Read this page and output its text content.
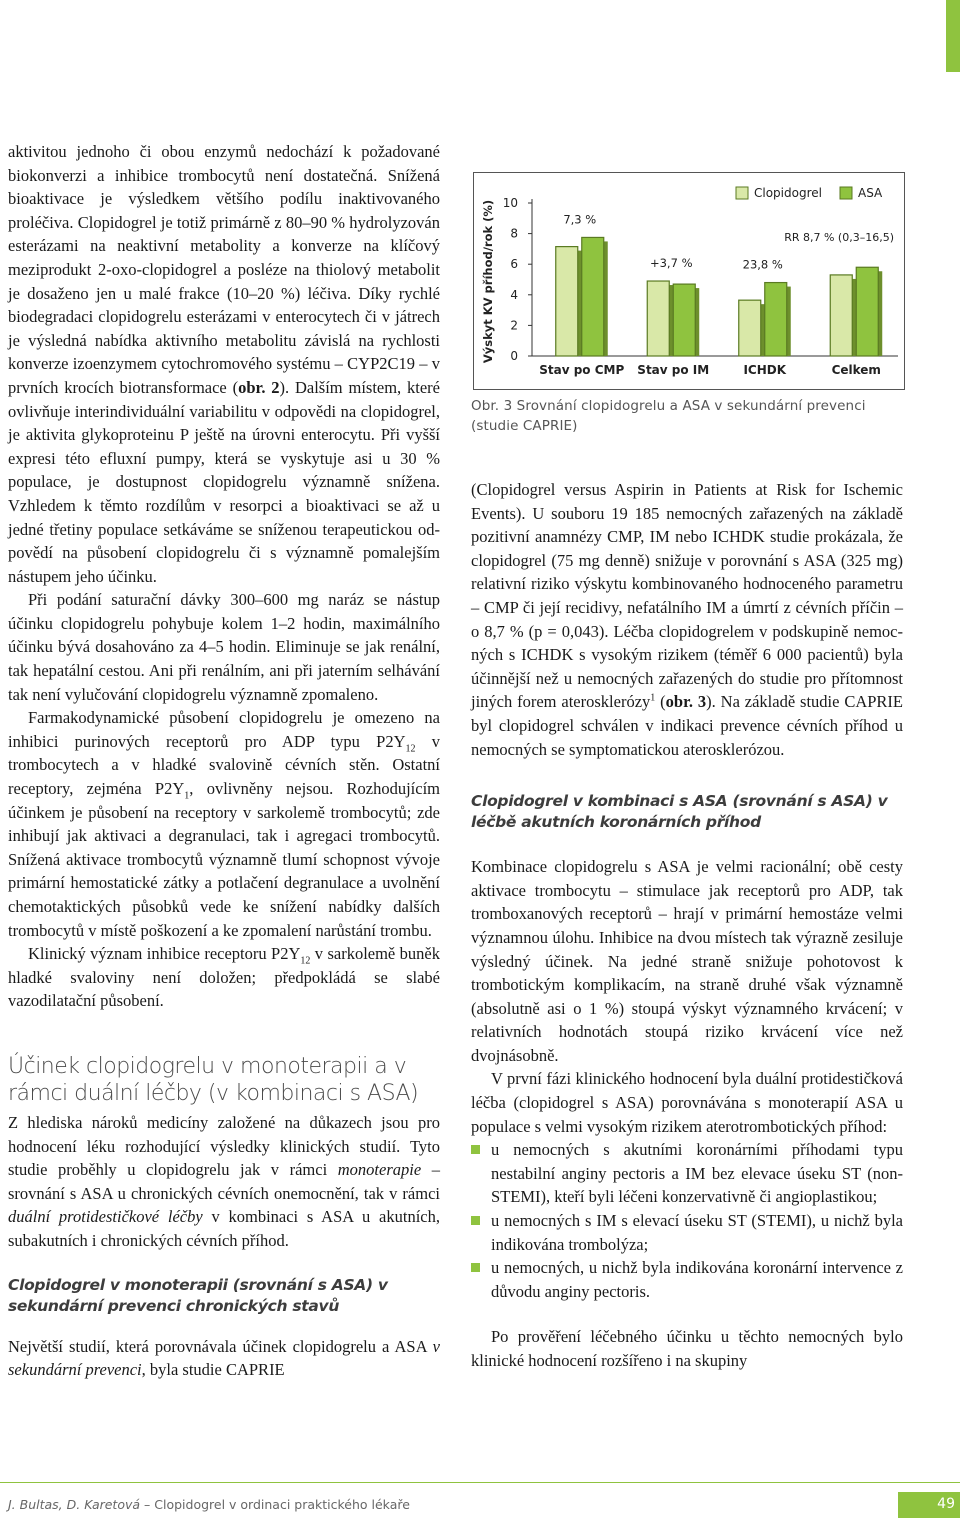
aktivitou jednoho či obou enzymů nedochází k požadované biokonverzi a inhibice trombocytů není dostatečná. Snížená bioaktivace je výsledkem většího podílu inaktivovaného proléčiva. Clopidogrel je totiž primárně z 80–90 % hydrolyzován esterázami na neaktivní metabolity a konverze na klíčový meziprodukt 2-oxo-clopidogrel a posléze na thiolový metabolit je dosaženo jen u malé frakce (10–20 %) léčiva. Díky rychlé biodegradaci clopidogrelu esterázami v enterocytech či v játrech je výsledná nabídka aktivního metabolitu závislá na rychlosti konverze izoenzymem cytochromového systému – CYP2C19 – v prvních krocích biotransformace (obr. 2). Dalším místem, které ovlivňuje interindividuální variabilitu v odpovědi na clopidogrel, je aktivita glykoproteinu P ještě na úrovni enterocytu. Při vyšší expresi této efluxní pumpy, která se vyskytuje asi u 30 % populace, je dostupnost clopidogrelu významně snížena. Vzhledem k těmto rozdílům v resorpci a bioaktivaci se až u jedné třetiny populace setkáváme se sníženou terapeutickou odpovědí na působení clopidogrelu či s významně pomalejším nástupem jeho účinku.

Při podání saturační dávky 300–600 mg naráz se nástup účinku clopidogrelu pohybuje kolem 1–2 hodin, maximálního účinku bývá dosahováno za 4–5 hodin. Eliminuje se jak renální, tak hepatální cestou. Ani při renálním, ani při jaterním selhávání tak není vylučování clopidogrelu významně zpomaleno.

Farmakodynamické působení clopidogrelu je omezeno na inhibici purinových receptorů pro ADP typu $P2Y_{12}$ v trombocytech a v hladké svalovině cévních stěn. Ostatní receptory, zejména $P2Y_1$, ovlivněny nejsou. Rozhodujícím účinkem je působení na receptory v sarkolemě trombocytů; zde inhibují jak aktivaci a degranulaci, tak i agregaci trombocytů. Snížená aktivace trombocytů významně tlumí schopnost vývoje primární hemostatické zátky a potlačení degranulace a uvolnění chemotaktických působků vede ke snížení nabídky dalších trombocytů v místě poškození a ke zpomalení narůstání trombu.

Klinický význam inhibice receptoru $P2Y_{12}$ v sarkolemě buněk hladké svaloviny není doložen; předpokládá se slabé vazodilatační působení.

Účinek clopidogrelu v monoterapii a v rámci duální léčby (v kombinaci s ASA)

Z hlediska nároků medicíny založené na důkazech jsou pro hodnocení léku rozhodující výsledky klinických studií. Tyto studie proběhly u clopidogrelu jak v rámci monoterapie – srovnání s ASA u chronických cévních onemocnění, tak v rámci duální protidestičkové léčby v kombinaci s ASA u akutních, subakutních i chronických cévních příhod.

Clopidogrel v monoterapii (srovnání s ASA) v sekundární prevenci chronických stavů

Největší studií, která porovnávala účinek clopidogrelu a ASA v sekundární prevenci, byla studie CAPRIE

Výskyt KV příhod/rok (%) 0
2
4
6
8
10
Stav po CMP Stav po IM	ICHDK	Celkem
7,3 %
+3,7 %	23,8 %
RR 8,7 % (0,3–16,5)
Clopidogrel	ASA

Obr. 3 Srovnání clopidogrelu a ASA v sekundární prevenci (studie CAPRIE)

(Clopidogrel versus Aspirin in Patients at Risk for Ischemic Events). U souboru 19 185 nemocných zařazených na základě pozitivní anamnézy CMP, IM nebo ICHDK studie prokázala, že clopidogrel (75 mg denně) snižuje v porovnání s ASA (325 mg) relativní riziko výskytu kombinovaného hodnoceného parametru – CMP či její recidivy, nefatálního IM a úmrtí z cévních příčin – o 8,7 % (p = 0,043). Léčba clopidogrelem v podskupině nemocných s ICHDK s vysokým rizikem (téměř 6 000 pacientů) byla účinnější než u nemocných zařazených do studie pro přítomnost jiných forem aterosklerózy$^1$ (obr. 3). Na základě studie CAPRIE byl clopidogrel schválen v indikaci prevence cévních příhod u nemocných se symptomatickou aterosklerózou.

Clopidogrel v kombinaci s ASA (srovnání s ASA) v léčbě akutních koronárních příhod

Kombinace clopidogrelu s ASA je velmi racionální; obě cesty aktivace trombocytu – stimulace jak receptorů pro ADP, tak tromboxanových receptorů – hrají v primární hemostáze velmi významnou úlohu. Inhibice na dvou místech tak výrazně zesiluje výsledný účinek. Na jedné straně snižuje pohotovost k trombotickým komplikacím, na straně druhé však významně (absolutně asi o 1 %) stoupá výskyt významného krvácení; v relativních hodnotách stoupá riziko krvácení více než dvojnásobně.

V první fázi klinického hodnocení byla duální protidestičková léčba (clopidogrel s ASA) porovnávána s monoterapií ASA u populace s velmi vysokým rizikem aterotrombotických příhod:

u nemocných s akutními koronárními příhodami typu nestabilní anginy pectoris a IM bez elevace úseku ST (non-STEMI), kteří byli léčeni konzervativně či angioplastikou;
u nemocných s IM s elevací úseku ST (STEMI), u nichž byla indikována trombolýza;
u nemocných, u nichž byla indikována koronární intervence z důvodu anginy pectoris.

Po prověření léčebného účinku u těchto nemocných bylo klinické hodnocení rozšířeno i na skupiny

J. Bultas, D. Karetová – Clopidogrel v ordinaci praktického lékaře	49
